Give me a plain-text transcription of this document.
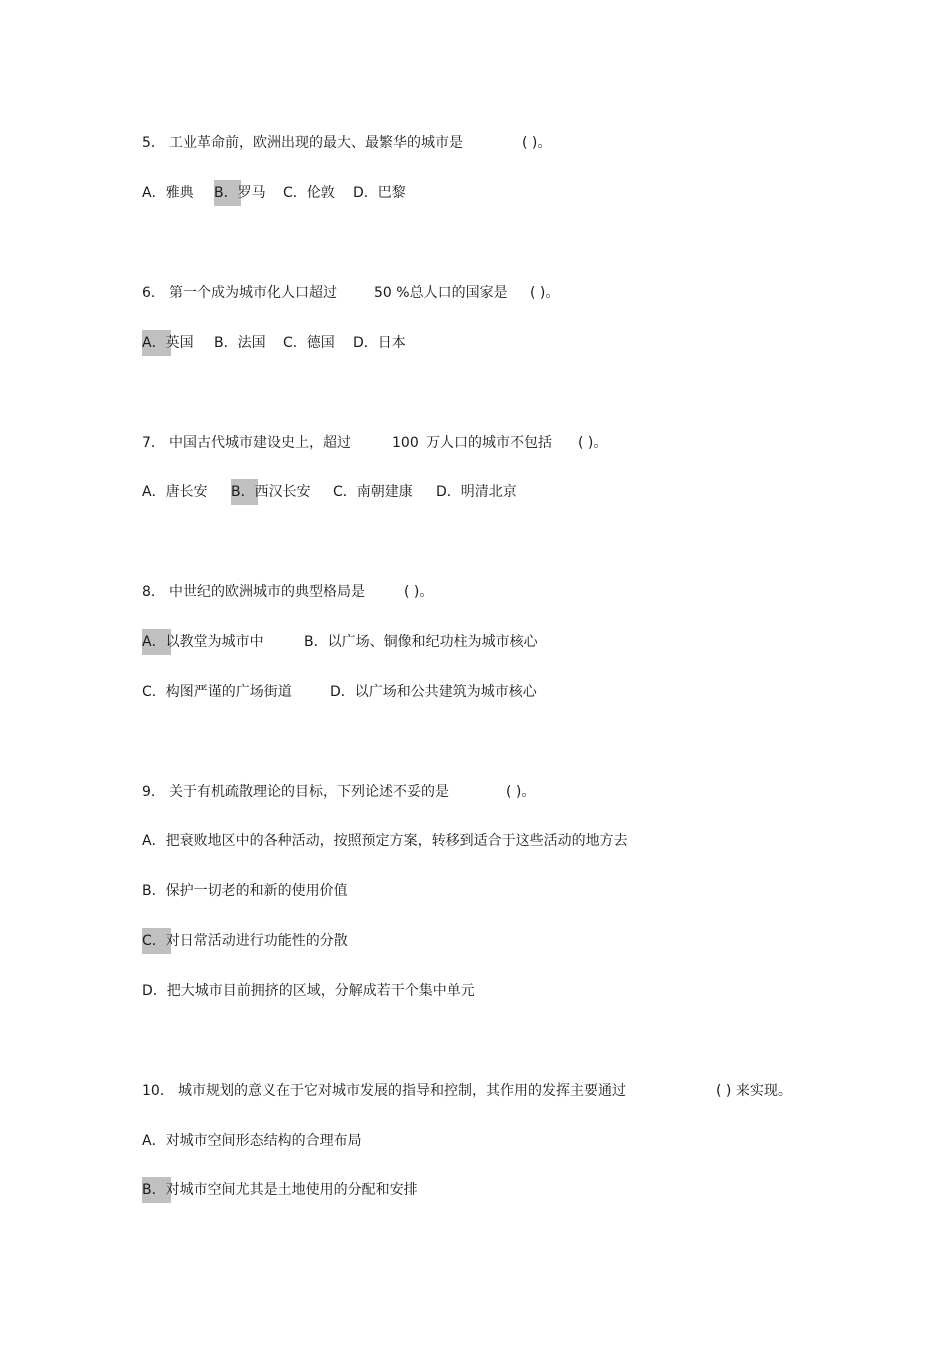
5． 工业革命前，欧洲出现的最大、最繁华的城市是	( )。
A．雅典 B．罗马 C．伦敦 D．巴黎
6． 第一个成为城市化人口超过	50 %总人口的国家是 ( )。
A．英国 B．法国 C．德国 D．日本
7． 中国古代城市建设史上，超过	100 万人口的城市不包括 ( )。
A．唐长安 B．西汉长安 C．南朝建康 D．明清北京
8． 中世纪的欧洲城市的典型格局是	( )。
A．以教堂为城市中	B．以广场、铜像和纪功柱为城市核心
C．构图严谨的广场街道	D．以广场和公共建筑为城市核心
9． 关于有机疏散理论的目标，下列论述不妥的是	( )。
A．把衰败地区中的各种活动，按照预定方案，转移到适合于这些活动的地方去
B．保护一切老的和新的使用价值
C．对日常活动进行功能性的分散
D．把大城市目前拥挤的区域，分解成若干个集中单元
10． 城市规划的意义在于它对城市发展的指导和控制，其作用的发挥主要通过	( ) 来实现。
A．对城市空间形态结构的合理布局
B．对城市空间尤其是土地使用的分配和安排
